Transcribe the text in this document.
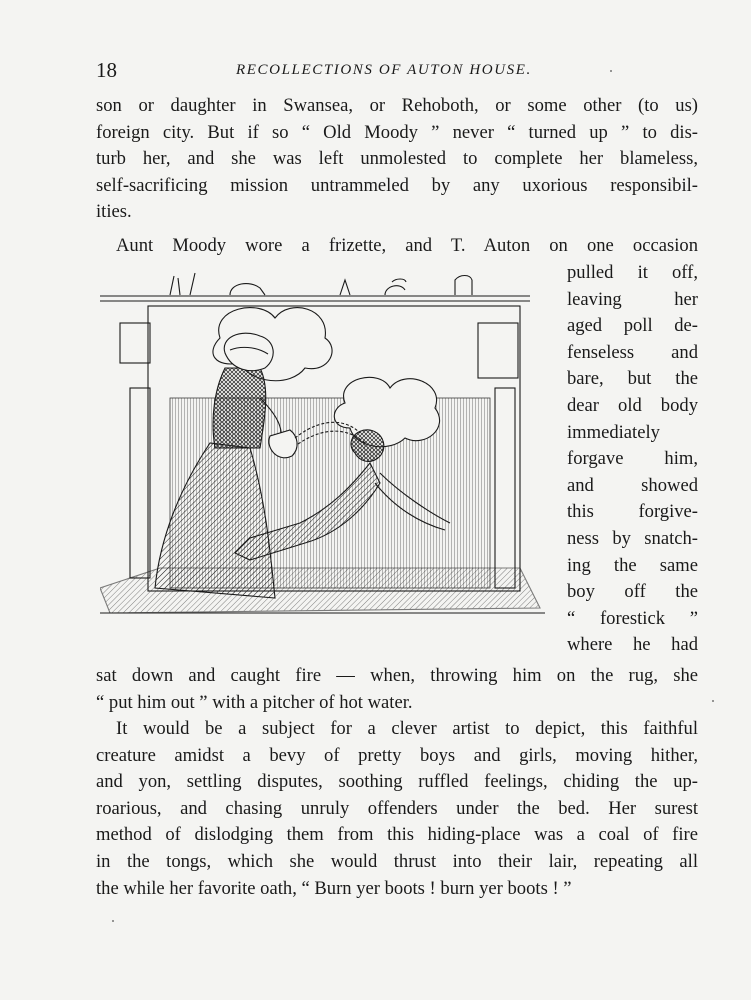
18	RECOLLECTIONS OF AUTON HOUSE.
son or daughter in Swansea, or Rehoboth, or some other (to us)
foreign city. But if so “ Old Moody ” never “ turned up ” to dis-
turb her, and she was left unmolested to complete her blameless,
self-sacrificing mission untrammeled by any uxorious responsibil-
ities.
Aunt Moody wore a frizette, and T. Auton on one occasion
pulled it off,
leaving her
aged poll de-
fenseless and
bare, but the
dear old body
immediately
forgave him,
and showed
this forgive-
ness by snatch-
ing the same
boy off the
“ forestick ”
where he had
sat down and caught fire — when, throwing him on the rug, she
“ put him out ” with a pitcher of hot water.
It would be a subject for a clever artist to depict, this faithful
creature amidst a bevy of pretty boys and girls, moving hither,
and yon, settling disputes, soothing ruffled feelings, chiding the up-
roarious, and chasing unruly offenders under the bed. Her surest
method of dislodging them from this hiding-place was a coal of fire
in the tongs, which she would thrust into their lair, repeating all
the while her favorite oath, “ Burn yer boots ! burn yer boots ! ”
